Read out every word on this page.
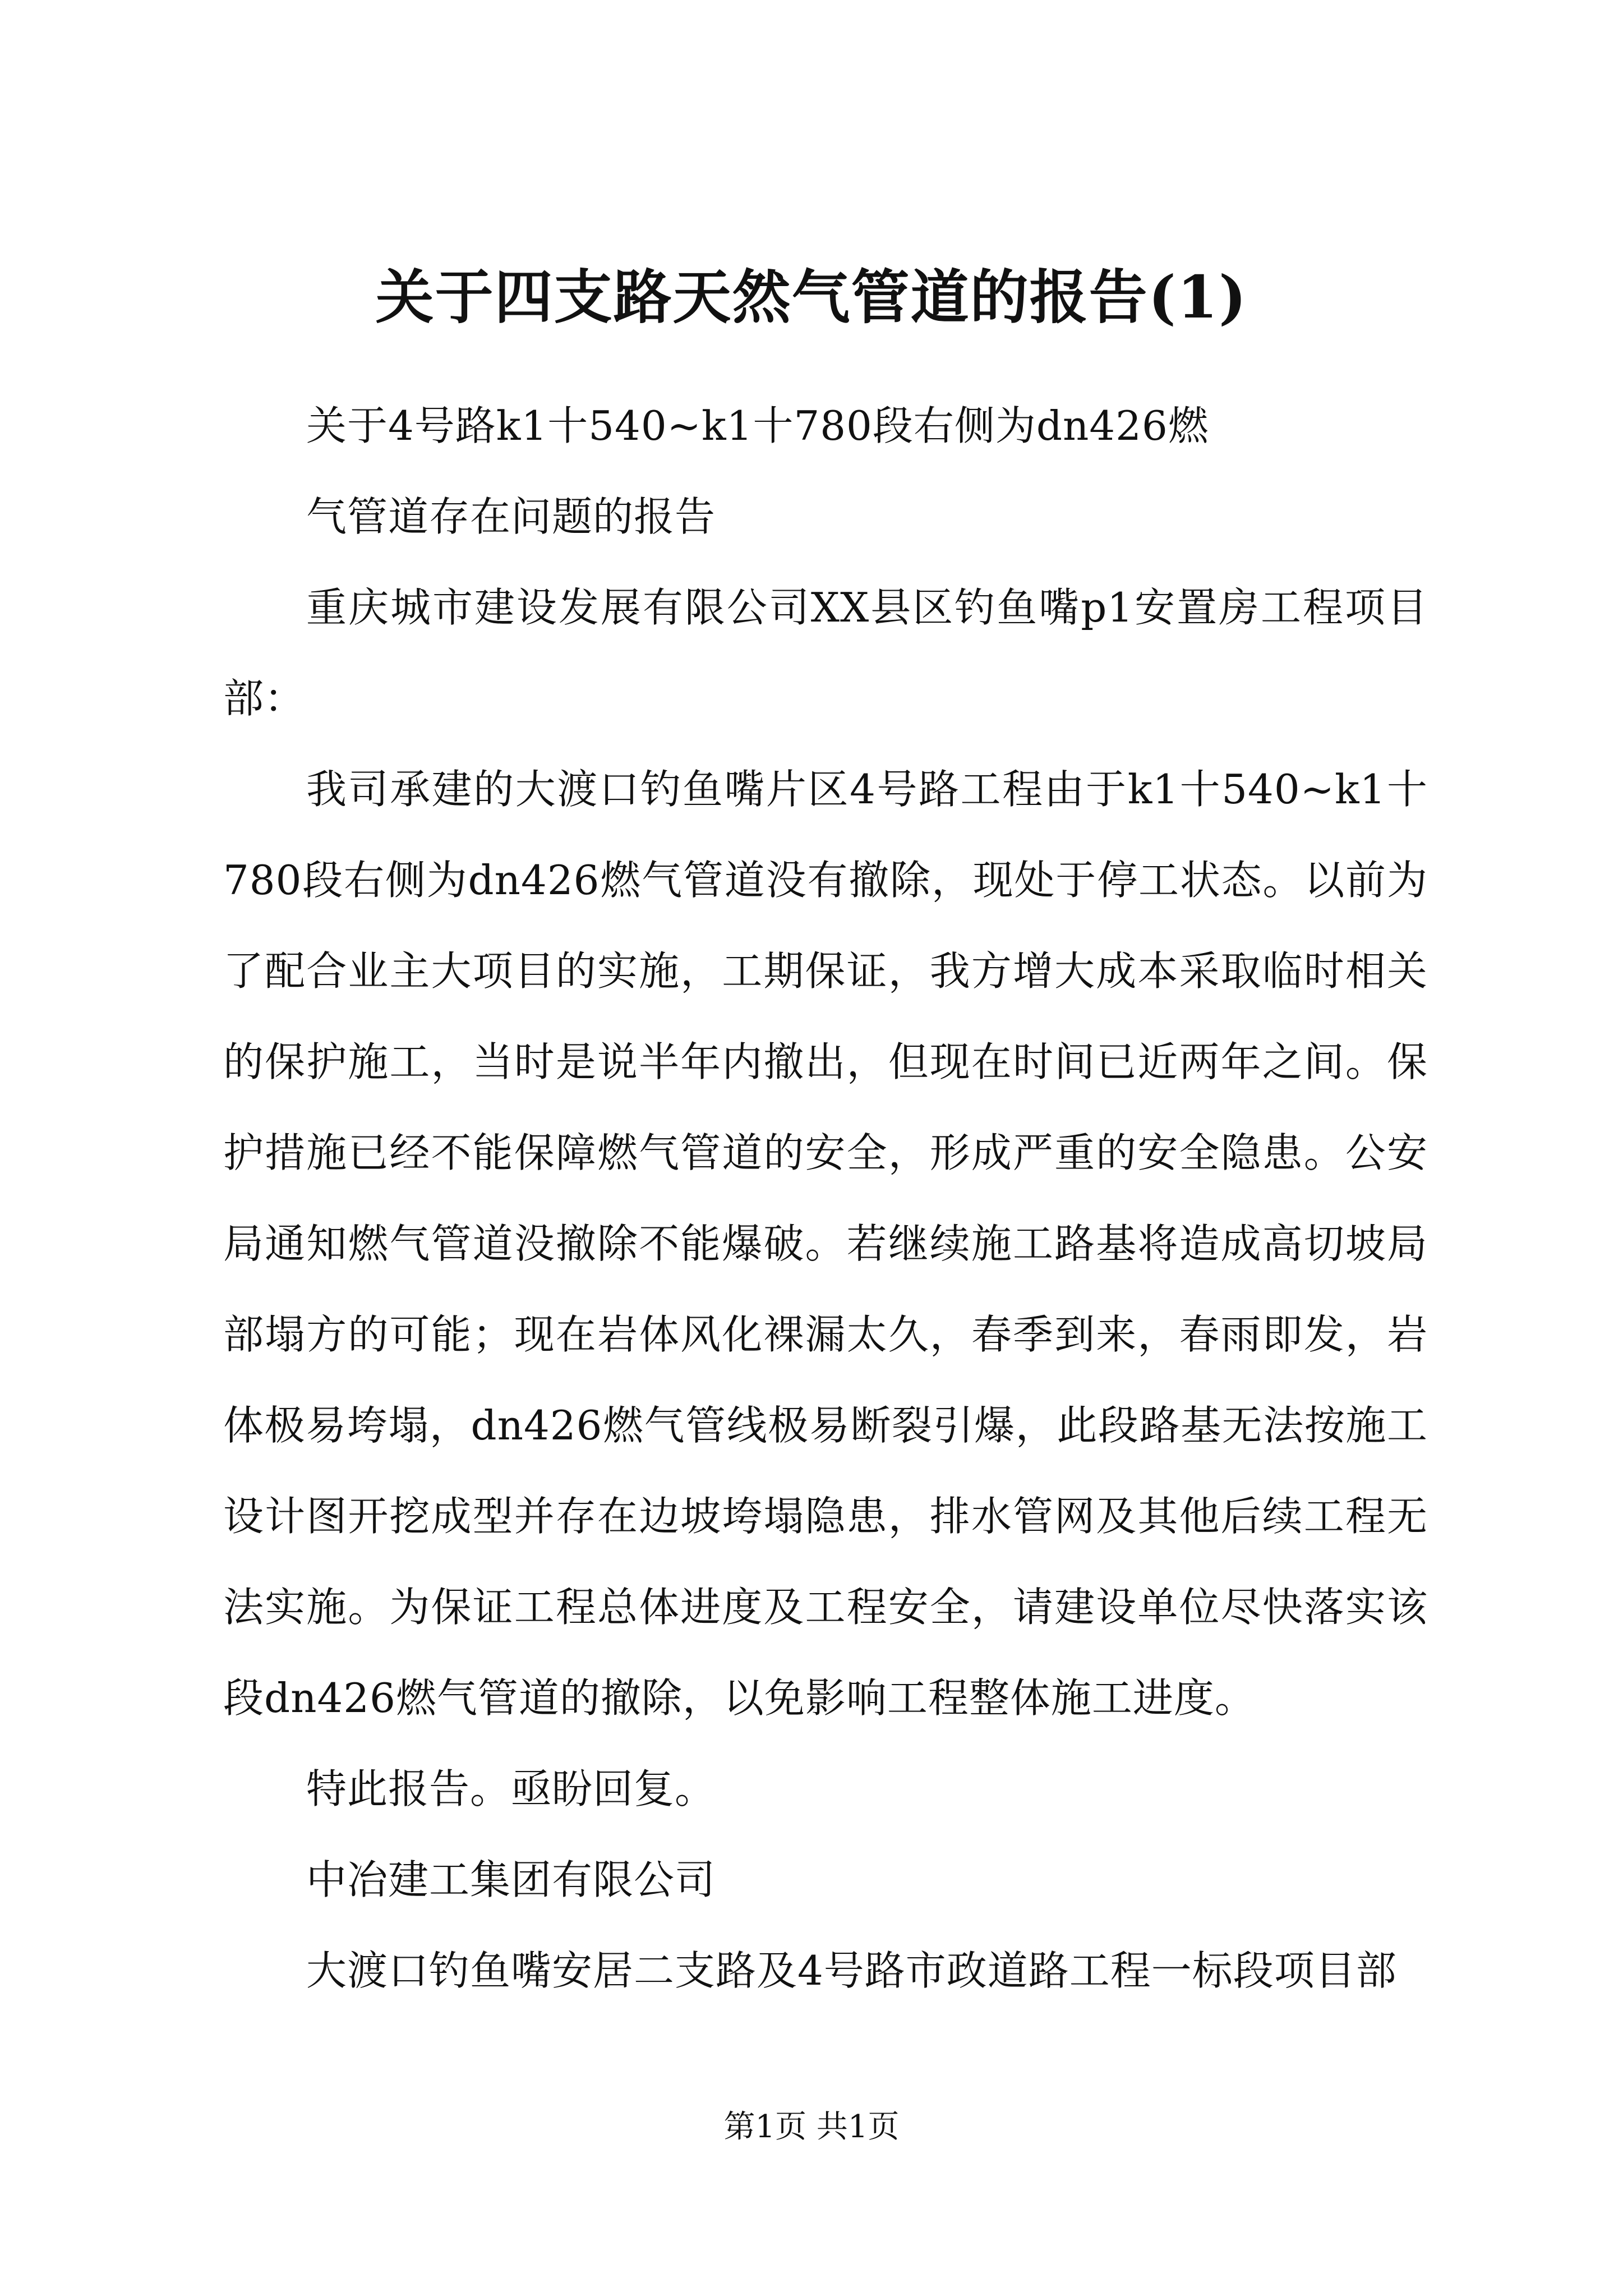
关于四支路天然气管道的报告(1)

关于4号路k1十540~k1十780段右侧为dn426燃

气管道存在问题的报告

重庆城市建设发展有限公司XX县区钓鱼嘴p1安置房工程项目部：

我司承建的大渡口钓鱼嘴片区4号路工程由于k1十540~k1十780段右侧为dn426燃气管道没有撤除，现处于停工状态。以前为了配合业主大项目的实施，工期保证，我方增大成本采取临时相关的保护施工，当时是说半年内撤出，但现在时间已近两年之间。保护措施已经不能保障燃气管道的安全，形成严重的安全隐患。公安局通知燃气管道没撤除不能爆破。若继续施工路基将造成高切坡局部塌方的可能；现在岩体风化裸漏太久，春季到来，春雨即发，岩体极易垮塌，dn426燃气管线极易断裂引爆，此段路基无法按施工设计图开挖成型并存在边坡垮塌隐患，排水管网及其他后续工程无法实施。为保证工程总体进度及工程安全，请建设单位尽快落实该段dn426燃气管道的撤除，以免影响工程整体施工进度。

特此报告。亟盼回复。

中冶建工集团有限公司

大渡口钓鱼嘴安居二支路及4号路市政道路工程一标段项目部

第1页 共1页
